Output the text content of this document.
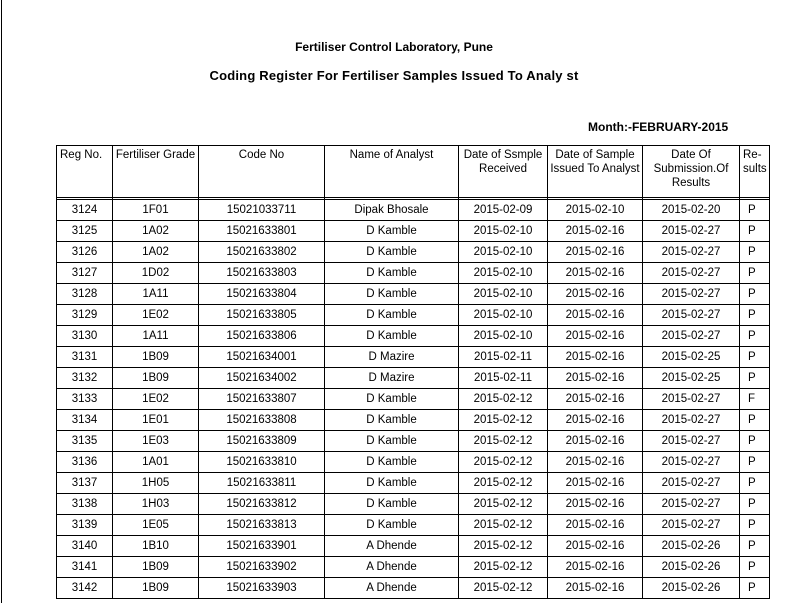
Fertiliser Control Laboratory, Pune
Coding Register For Fertiliser Samples Issued To Analy st
Month:-FEBRUARY-2015
Reg No.	Fertiliser Grade	Code No	Name of Analyst	Date of Ssmple Received	Date of Sample Issued To Analyst	Date Of Submission.Of Results	Re-sults

3124	1F01	15021033711	Dipak Bhosale	2015-02-09	2015-02-10	2015-02-20	P
3125	1A02	15021633801	D Kamble	2015-02-10	2015-02-16	2015-02-27	P
3126	1A02	15021633802	D Kamble	2015-02-10	2015-02-16	2015-02-27	P
3127	1D02	15021633803	D Kamble	2015-02-10	2015-02-16	2015-02-27	P
3128	1A11	15021633804	D Kamble	2015-02-10	2015-02-16	2015-02-27	P
3129	1E02	15021633805	D Kamble	2015-02-10	2015-02-16	2015-02-27	P
3130	1A11	15021633806	D Kamble	2015-02-10	2015-02-16	2015-02-27	P
3131	1B09	15021634001	D Mazire	2015-02-11	2015-02-16	2015-02-25	P
3132	1B09	15021634002	D Mazire	2015-02-11	2015-02-16	2015-02-25	P
3133	1E02	15021633807	D Kamble	2015-02-12	2015-02-16	2015-02-27	F
3134	1E01	15021633808	D Kamble	2015-02-12	2015-02-16	2015-02-27	P
3135	1E03	15021633809	D Kamble	2015-02-12	2015-02-16	2015-02-27	P
3136	1A01	15021633810	D Kamble	2015-02-12	2015-02-16	2015-02-27	P
3137	1H05	15021633811	D Kamble	2015-02-12	2015-02-16	2015-02-27	P
3138	1H03	15021633812	D Kamble	2015-02-12	2015-02-16	2015-02-27	P
3139	1E05	15021633813	D Kamble	2015-02-12	2015-02-16	2015-02-27	P
3140	1B10	15021633901	A Dhende	2015-02-12	2015-02-16	2015-02-26	P
3141	1B09	15021633902	A Dhende	2015-02-12	2015-02-16	2015-02-26	P
3142	1B09	15021633903	A Dhende	2015-02-12	2015-02-16	2015-02-26	P
